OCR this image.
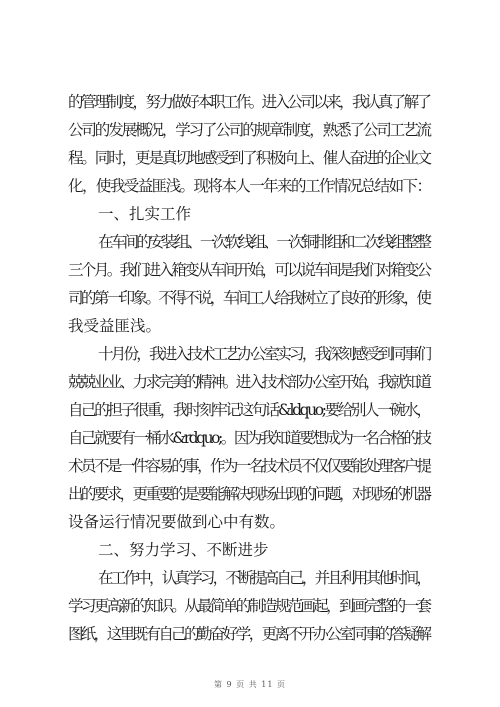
的管理制度，努力做好本职工作。进入公司以来，我认真了解了
公司的发展概况，学习了公司的规章制度，熟悉了公司工艺流
程。同时，更是真切地感受到了积极向上、催人奋进的企业文
化，使我受益匪浅。现将本人一年来的工作情况总结如下：
一、扎实工作
在车间的安装组、一次软线组、一次铜排组和二次线组整整
三个月。我们进入箱变从车间开始，可以说车间是我们对箱变公
司的第一印象。不得不说，车间工人给我树立了良好的形象，使
我受益匪浅。
十月份，我进入技术工艺办公室实习，我深刻感受到同事们
兢兢业业、力求完美的精神。进入技术部办公室开始，我就知道
自己的担子很重，我时刻牢记这句话&ldquo;要给别人一碗水，
自己就要有一桶水&rdquo;。因为我知道要想成为一名合格的技
术员不是一件容易的事，作为一名技术员不仅仅要能处理客户提
出的要求，更重要的是要能解决现场出现的问题，对现场的机器
设备运行情况要做到心中有数。
二、努力学习、不断进步
在工作中，认真学习，不断提高自己，并且利用其他时间，
学习更高新的知识。从最简单的制造规范画起，到画完整的一套
图纸，这里既有自己的勤奋好学，更离不开办公室同事的答疑解
第 9 页 共 11 页
